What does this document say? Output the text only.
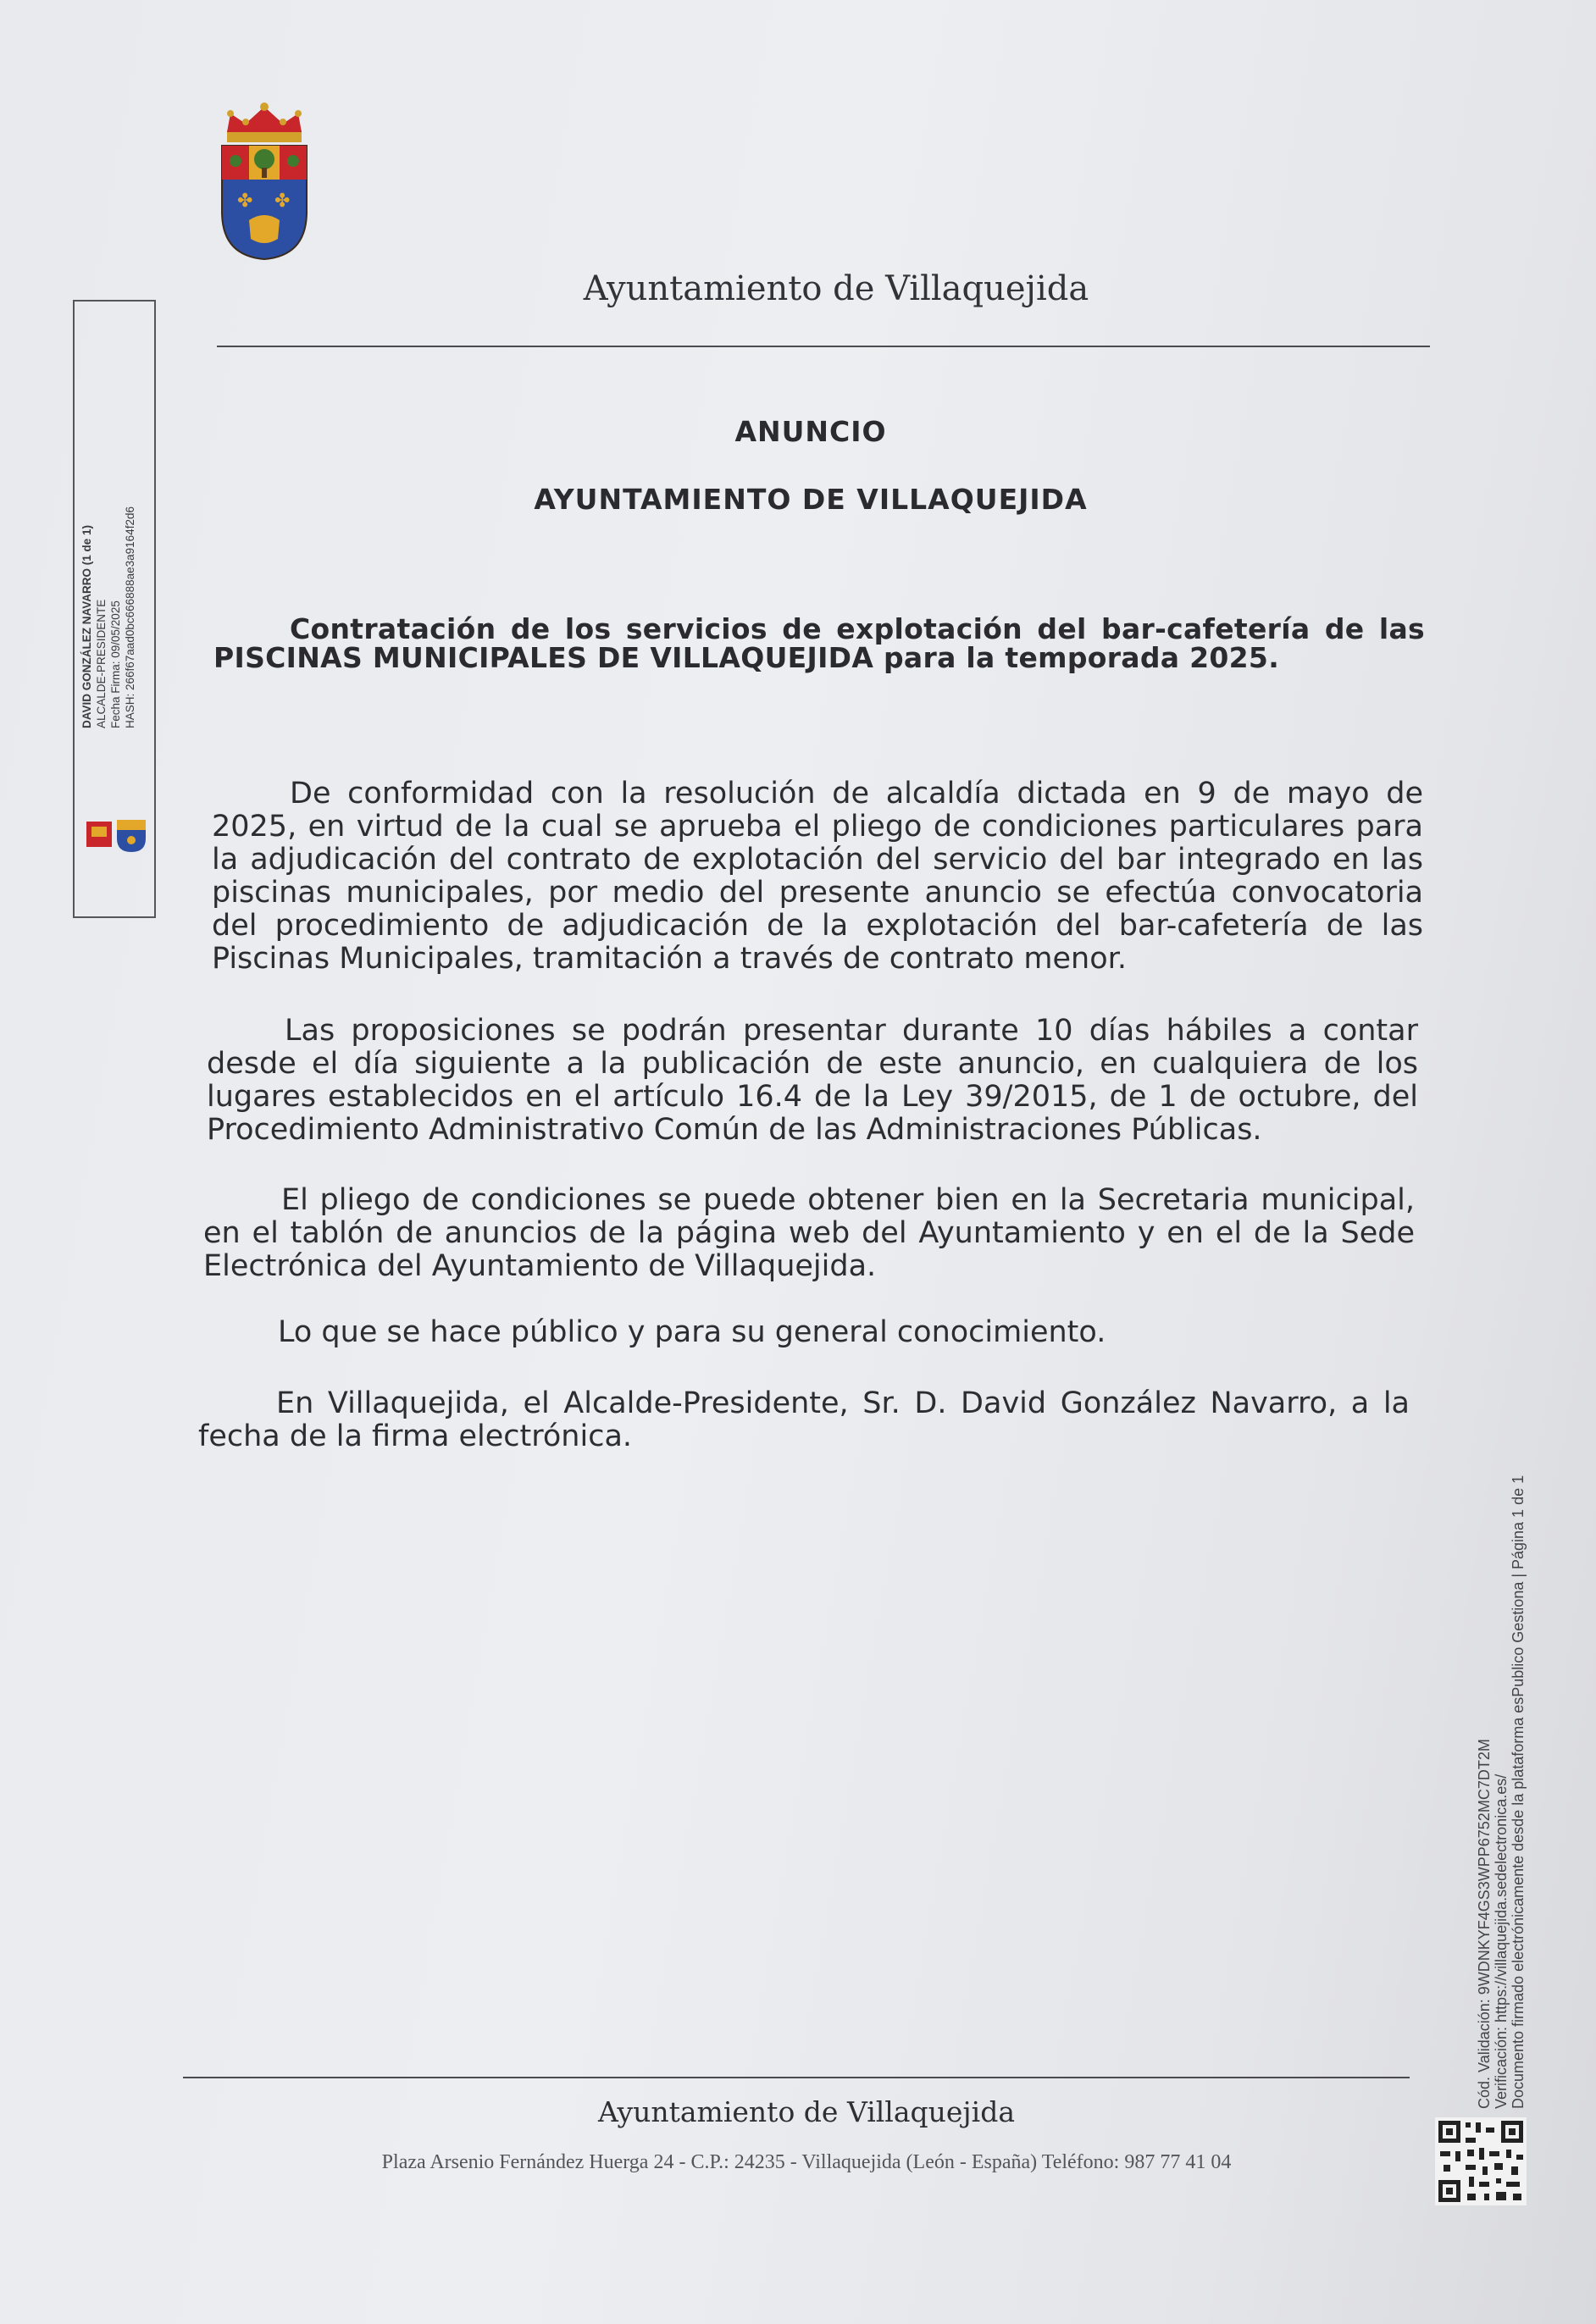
✤ ✤
Ayuntamiento de Villaquejida
DAVID GONZÁLEZ NAVARRO (1 de 1) ALCALDE-PRESIDENTE Fecha Firma: 09/05/2025 HASH: 266f67aad0bc666888ae3a9164f2d6
ANUNCIO
AYUNTAMIENTO DE VILLAQUEJIDA
Contratación de los servicios de explotación del bar-cafetería de las PISCINAS MUNICIPALES DE VILLAQUEJIDA para la temporada 2025.
De conformidad con la resolución de alcaldía dictada en 9 de mayo de 2025, en virtud de la cual se aprueba el pliego de condiciones particulares para la adjudicación del contrato de explotación del servicio del bar integrado en las piscinas municipales, por medio del presente anuncio se efectúa convocatoria del procedimiento de adjudicación de la explotación del bar-cafetería de las Piscinas Municipales, tramitación a través de contrato menor.
Las proposiciones se podrán presentar durante 10 días hábiles a contar desde el día siguiente a la publicación de este anuncio, en cualquiera de los lugares establecidos en el artículo 16.4 de la Ley 39/2015, de 1 de octubre, del Procedimiento Administrativo Común de las Administraciones Públicas.
El pliego de condiciones se puede obtener bien en la Secretaria municipal, en el tablón de anuncios de la página web del Ayuntamiento y en el de la Sede Electrónica del Ayuntamiento de Villaquejida.
Lo que se hace público y para su general conocimiento.
En Villaquejida, el Alcalde-Presidente, Sr. D. David González Navarro, a la fecha de la firma electrónica.
Cód. Validación: 9WDNKYF4GS3WPP6752MC7DT2M Verificación: https://villaquejida.sedelectronica.es/ Documento firmado electrónicamente desde la plataforma esPublico Gestiona | Página 1 de 1
Ayuntamiento de Villaquejida
Plaza Arsenio Fernández Huerga 24 - C.P.: 24235 - Villaquejida (León - España) Teléfono: 987 77 41 04
